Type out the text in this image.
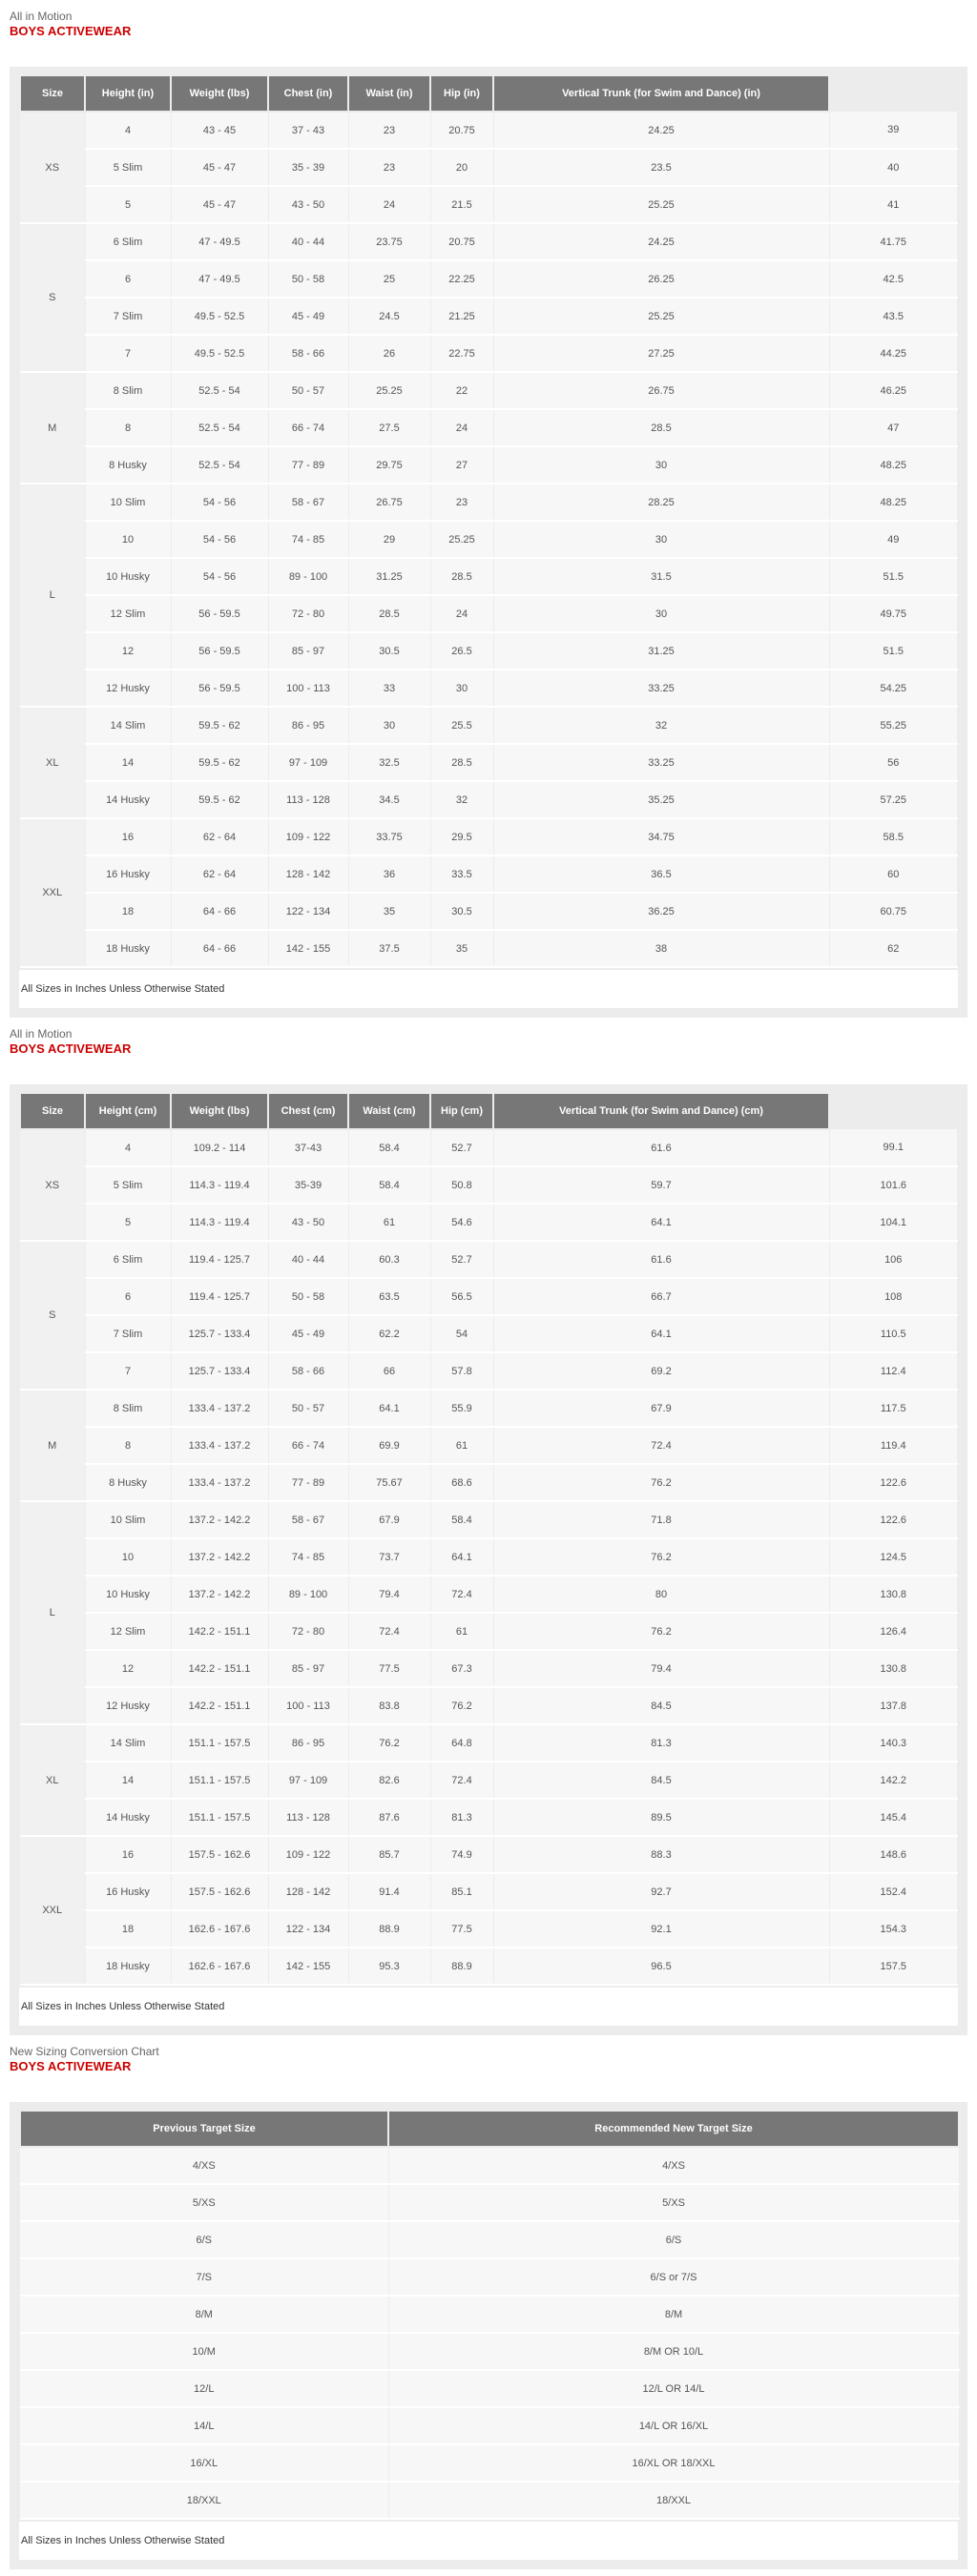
All in Motion
BOYS ACTIVEWEAR
Size	Height (in)	Weight (lbs)	Chest (in)	Waist (in)	Hip (in)	Vertical Trunk (for Swim and Dance) (in)	
XS	4	43 - 45	37 - 43	23	20.75	24.25	39
	5 Slim	45 - 47	35 - 39	23	20	23.5	40
	5	45 - 47	43 - 50	24	21.5	25.25	41
S	6 Slim	47 - 49.5	40 - 44	23.75	20.75	24.25	41.75
	6	47 - 49.5	50 - 58	25	22.25	26.25	42.5
	7 Slim	49.5 - 52.5	45 - 49	24.5	21.25	25.25	43.5
	7	49.5 - 52.5	58 - 66	26	22.75	27.25	44.25
M	8 Slim	52.5 - 54	50 - 57	25.25	22	26.75	46.25
	8	52.5 - 54	66 - 74	27.5	24	28.5	47
	8 Husky	52.5 - 54	77 - 89	29.75	27	30	48.25
L	10 Slim	54 - 56	58 - 67	26.75	23	28.25	48.25
	10	54 - 56	74 - 85	29	25.25	30	49
	10 Husky	54 - 56	89 - 100	31.25	28.5	31.5	51.5
	12 Slim	56 - 59.5	72 - 80	28.5	24	30	49.75
	12	56 - 59.5	85 - 97	30.5	26.5	31.25	51.5
	12 Husky	56 - 59.5	100 - 113	33	30	33.25	54.25
XL	14 Slim	59.5 - 62	86 - 95	30	25.5	32	55.25
	14	59.5 - 62	97 - 109	32.5	28.5	33.25	56
	14 Husky	59.5 - 62	113 - 128	34.5	32	35.25	57.25
XXL	16	62 - 64	109 - 122	33.75	29.5	34.75	58.5
	16 Husky	62 - 64	128 - 142	36	33.5	36.5	60
	18	64 - 66	122 - 134	35	30.5	36.25	60.75
	18 Husky	64 - 66	142 - 155	37.5	35	38	62
All Sizes in Inches Unless Otherwise Stated
All in Motion
BOYS ACTIVEWEAR
Size	Height (cm)	Weight (lbs)	Chest (cm)	Waist (cm)	Hip (cm)	Vertical Trunk (for Swim and Dance) (cm)	
XS	4	109.2 - 114	37-43	58.4	52.7	61.6	99.1
	5 Slim	114.3 - 119.4	35-39	58.4	50.8	59.7	101.6
	5	114.3 - 119.4	43 - 50	61	54.6	64.1	104.1
S	6 Slim	119.4 - 125.7	40 - 44	60.3	52.7	61.6	106
	6	119.4 - 125.7	50 - 58	63.5	56.5	66.7	108
	7 Slim	125.7 - 133.4	45 - 49	62.2	54	64.1	110.5
	7	125.7 - 133.4	58 - 66	66	57.8	69.2	112.4
M	8 Slim	133.4 - 137.2	50 - 57	64.1	55.9	67.9	117.5
	8	133.4 - 137.2	66 - 74	69.9	61	72.4	119.4
	8 Husky	133.4 - 137.2	77 - 89	75.67	68.6	76.2	122.6
L	10 Slim	137.2 - 142.2	58 - 67	67.9	58.4	71.8	122.6
	10	137.2 - 142.2	74 - 85	73.7	64.1	76.2	124.5
	10 Husky	137.2 - 142.2	89 - 100	79.4	72.4	80	130.8
	12 Slim	142.2 - 151.1	72 - 80	72.4	61	76.2	126.4
	12	142.2 - 151.1	85 - 97	77.5	67.3	79.4	130.8
	12 Husky	142.2 - 151.1	100 - 113	83.8	76.2	84.5	137.8
XL	14 Slim	151.1 - 157.5	86 - 95	76.2	64.8	81.3	140.3
	14	151.1 - 157.5	97 - 109	82.6	72.4	84.5	142.2
	14 Husky	151.1 - 157.5	113 - 128	87.6	81.3	89.5	145.4
XXL	16	157.5 - 162.6	109 - 122	85.7	74.9	88.3	148.6
	16 Husky	157.5 - 162.6	128 - 142	91.4	85.1	92.7	152.4
	18	162.6 - 167.6	122 - 134	88.9	77.5	92.1	154.3
	18 Husky	162.6 - 167.6	142 - 155	95.3	88.9	96.5	157.5
All Sizes in Inches Unless Otherwise Stated
New Sizing Conversion Chart
BOYS ACTIVEWEAR
Previous Target Size	Recommended New Target Size
4/XS	4/XS
5/XS	5/XS
6/S	6/S
7/S	6/S or 7/S
8/M	8/M
10/M	8/M OR 10/L
12/L	12/L OR 14/L
14/L	14/L OR 16/XL
16/XL	16/XL OR 18/XXL
18/XXL	18/XXL
All Sizes in Inches Unless Otherwise Stated
